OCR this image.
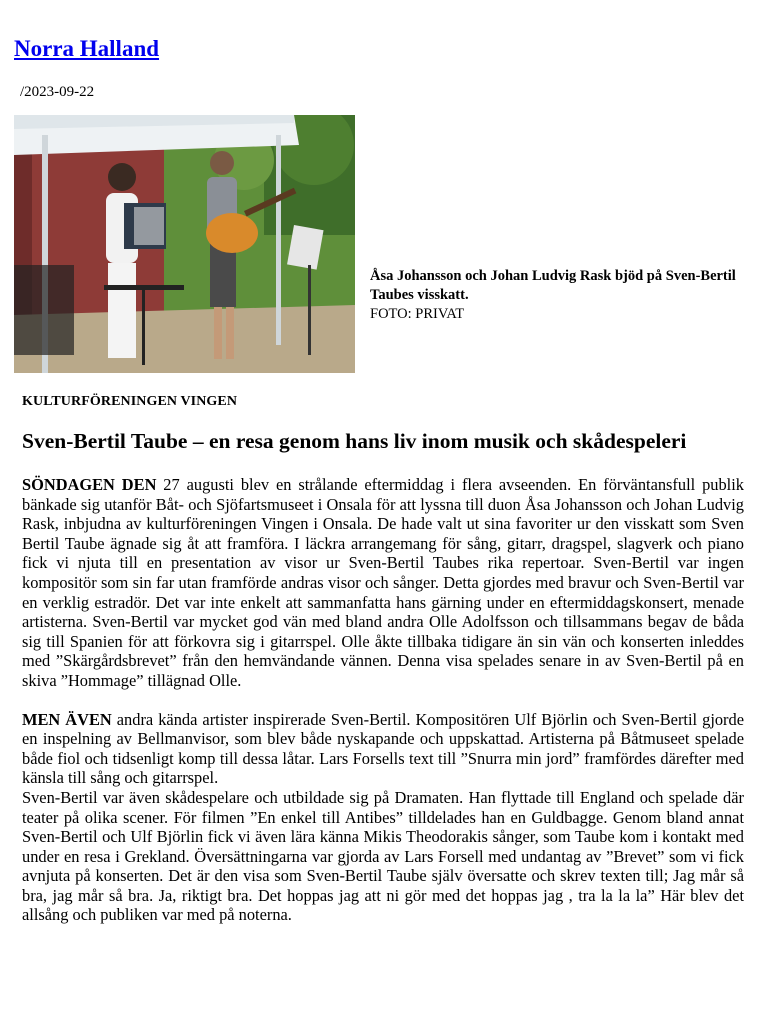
Norra Halland
/2023-09-22
Åsa Johansson och Johan Ludvig Rask bjöd på Sven-Bertil Taubes visskatt.
FOTO: PRIVAT
KULTURFÖRENINGEN VINGEN
Sven-Bertil Taube – en resa genom hans liv inom musik och skådespeleri

SÖNDAGEN DEN 27 augusti blev en strålande eftermiddag i flera avseenden. En förväntansfull publik bänkade sig utanför Båt- och Sjöfartsmuseet i Onsala för att lyssna till duon Åsa Johansson och Johan Ludvig Rask, inbjudna av kulturföreningen Vingen i Onsala. De hade valt ut sina favoriter ur den visskatt som Sven Bertil Taube ägnade sig åt att framföra. I läckra arrangemang för sång, gitarr, dragspel, slagverk och piano fick vi njuta till en presentation av visor ur Sven-Bertil Taubes rika repertoar. Sven-Bertil var ingen kompositör som sin far utan framförde andras visor och sånger. Detta gjordes med bravur och Sven-Bertil var en verklig estradör. Det var inte enkelt att sammanfatta hans gärning under en eftermiddagskonsert, menade artisterna. Sven-Bertil var mycket god vän med bland andra Olle Adolfsson och tillsammans begav de båda sig till Spanien för att förkovra sig i gitarrspel. Olle åkte tillbaka tidigare än sin vän och konserten inleddes med ”Skärgårdsbrevet” från den hemvändande vännen. Denna visa spelades senare in av Sven-Bertil på en skiva ”Hommage” tillägnad Olle.

MEN ÄVEN andra kända artister inspirerade Sven-Bertil. Kompositören Ulf Björlin och Sven-Bertil gjorde en inspelning av Bellmanvisor, som blev både nyskapande och uppskattad. Artisterna på Båtmuseet spelade både fiol och tidsenligt komp till dessa låtar. Lars Forsells text till ”Snurra min jord” framfördes därefter med känsla till sång och gitarrspel.

Sven-Bertil var även skådespelare och utbildade sig på Dramaten. Han flyttade till England och spelade där teater på olika scener. För filmen ”En enkel till Antibes” tilldelades han en Guldbagge. Genom bland annat Sven-Bertil och Ulf Björlin fick vi även lära känna Mikis Theodorakis sånger, som Taube kom i kontakt med under en resa i Grekland. Översättningarna var gjorda av Lars Forsell med undantag av ”Brevet” som vi fick avnjuta på konserten. Det är den visa som Sven-Bertil Taube själv översatte och skrev texten till; Jag mår så bra, jag mår så bra. Ja, riktigt bra. Det hoppas jag att ni gör med det hoppas jag , tra la la la” Här blev det allsång och publiken var med på noterna.
